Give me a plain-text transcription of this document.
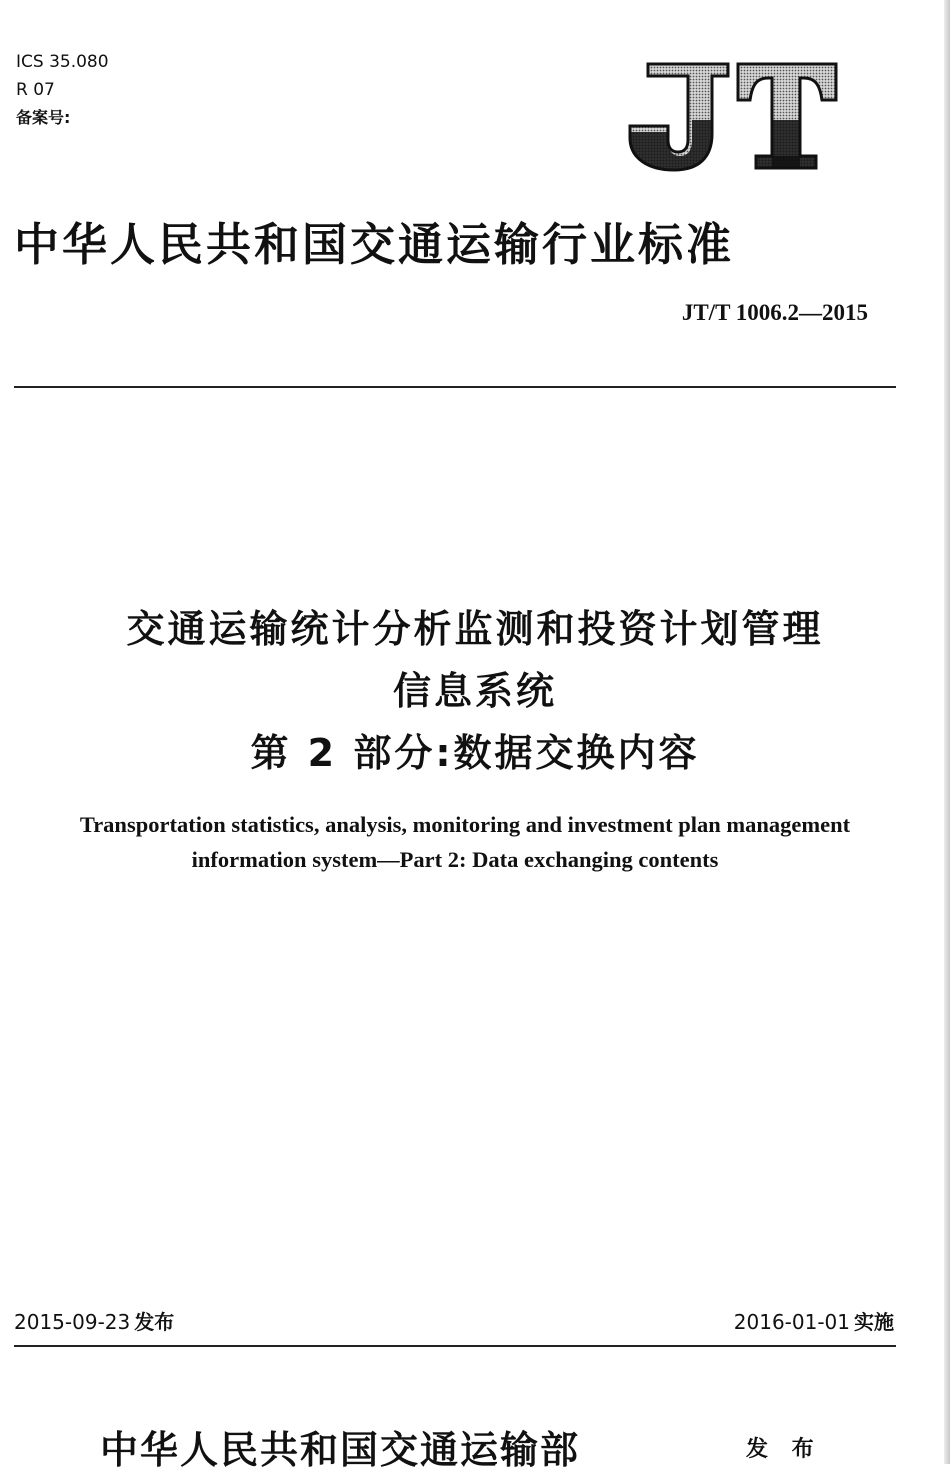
ICS 35.080
R 07
备案号:
中华人民共和国交通运输行业标准
JT/T 1006.2—2015
交通运输统计分析监测和投资计划管理
信息系统
第 2 部分:数据交换内容
Transportation statistics, analysis, monitoring and investment plan management
information system—Part 2: Data exchanging contents
2015-09-23 发布	2016-01-01 实施
中华人民共和国交通运输部	发 布
